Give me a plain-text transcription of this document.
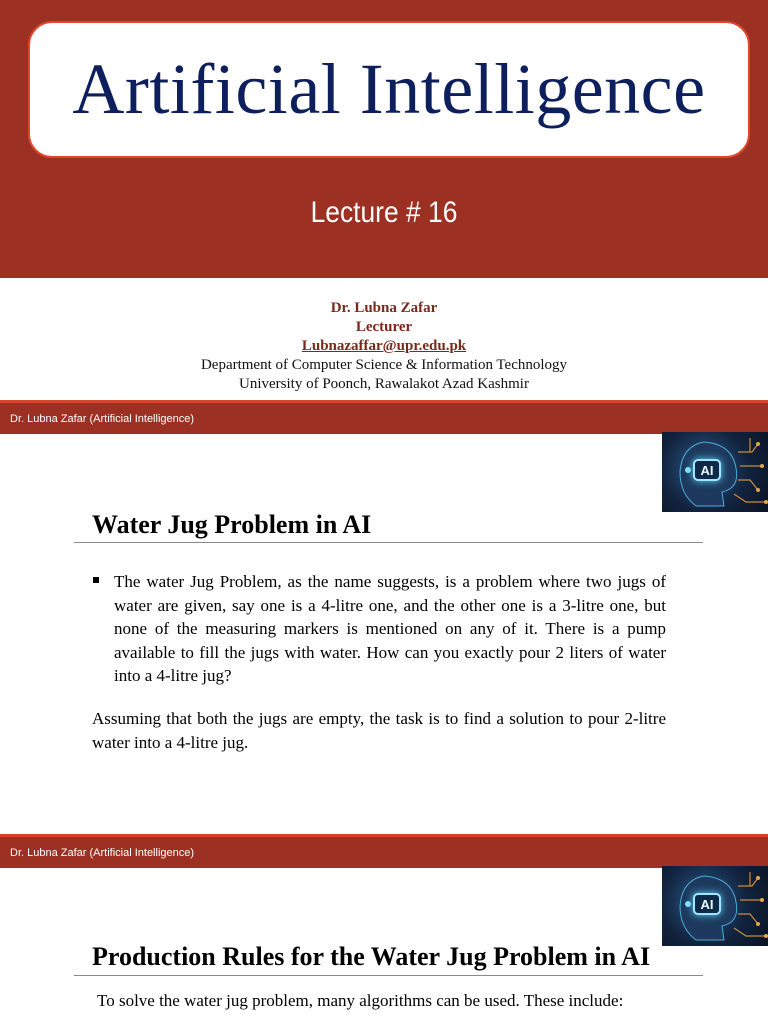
Artificial Intelligence
Lecture # 16
Dr. Lubna Zafar
Lecturer
Lubnazaffar@upr.edu.pk
Department of Computer Science & Information Technology
University of Poonch, Rawalakot Azad Kashmir
Dr. Lubna Zafar (Artificial Intelligence)
AI
Water Jug Problem in AI
The water Jug Problem, as the name suggests, is a problem where two jugs of water are given, say one is a 4-litre one, and the other one is a 3-litre one, but none of the measuring markers is mentioned on any of it. There is a pump available to fill the jugs with water. How can you exactly pour 2 liters of water into a 4-litre jug?

Assuming that both the jugs are empty, the task is to find a solution to pour 2-litre water into a 4-litre jug.

Dr. Lubna Zafar (Artificial Intelligence)
AI
Production Rules for the Water Jug Problem in AI

To solve the water jug problem, many algorithms can be used. These include:
